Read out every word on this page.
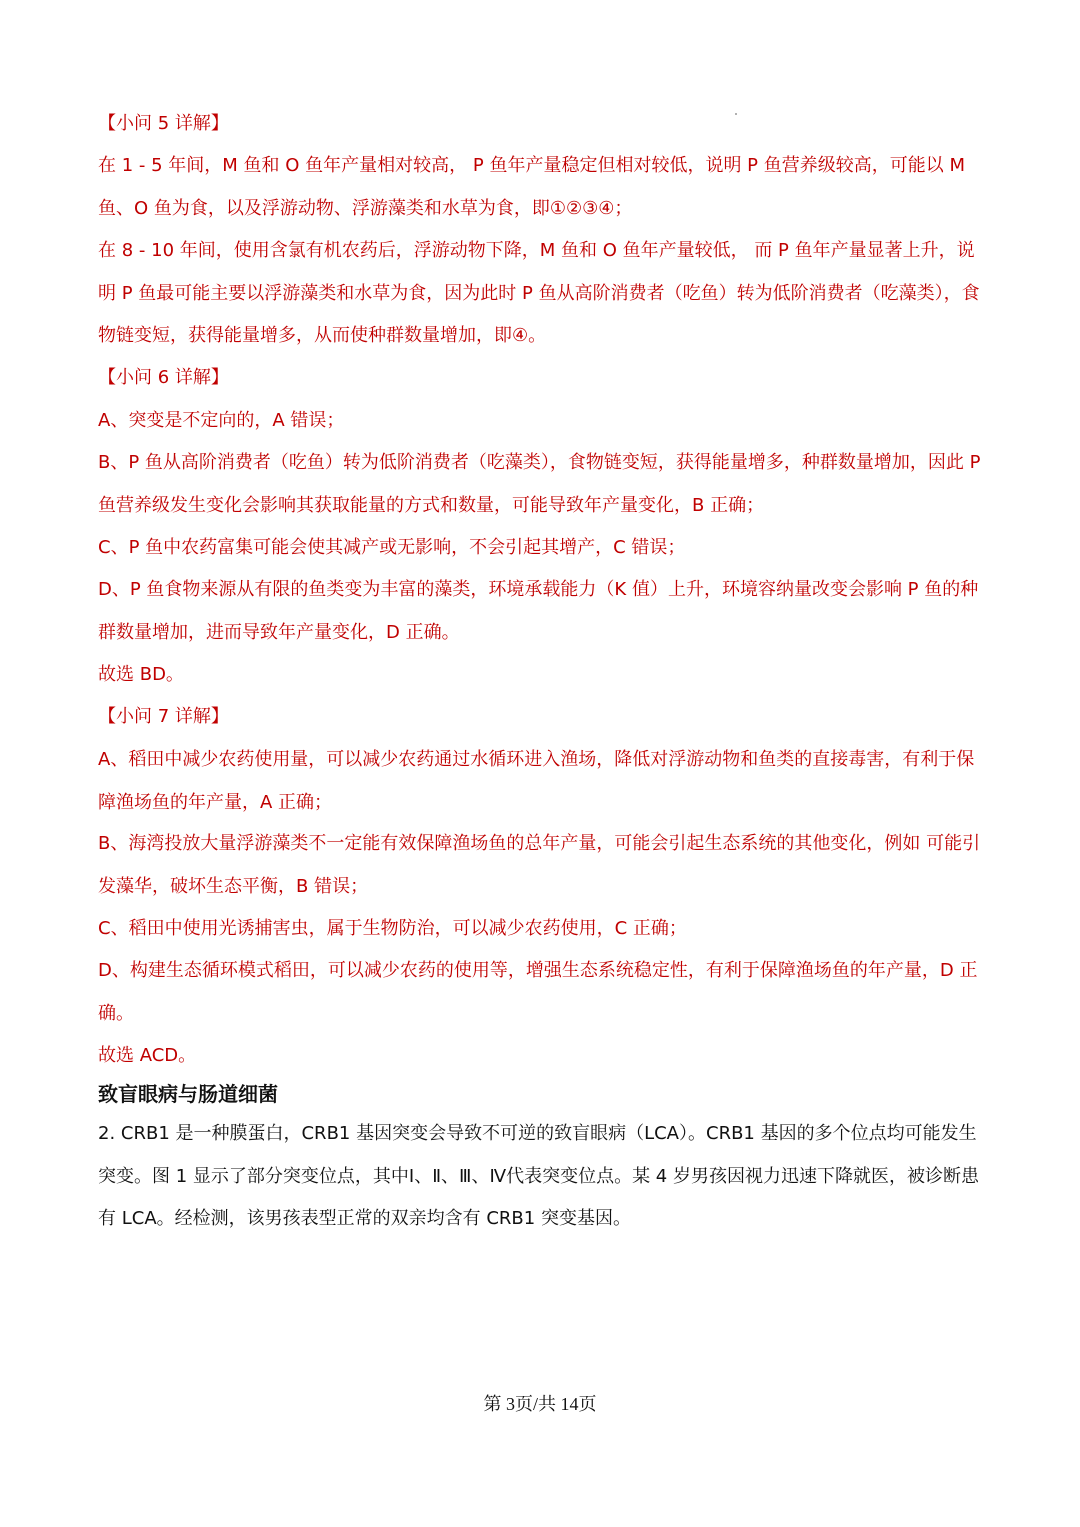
【小问 5 详解】

在 1 - 5 年间，M 鱼和 O 鱼年产量相对较高， P 鱼年产量稳定但相对较低，说明 P 鱼营养级较高，可能以 M 鱼、O 鱼为食，以及浮游动物、浮游藻类和水草为食，即①②③④；

在 8 - 10 年间，使用含氯有机农药后，浮游动物下降，M 鱼和 O 鱼年产量较低， 而 P 鱼年产量显著上升，说明 P 鱼最可能主要以浮游藻类和水草为食，因为此时 P 鱼从高阶消费者（吃鱼）转为低阶消费者（吃藻类），食物链变短，获得能量增多，从而使种群数量增加，即④。

【小问 6 详解】

A、突变是不定向的，A 错误；

B、P 鱼从高阶消费者（吃鱼）转为低阶消费者（吃藻类），食物链变短，获得能量增多，种群数量增加，因此 P 鱼营养级发生变化会影响其获取能量的方式和数量，可能导致年产量变化，B 正确；

C、P 鱼中农药富集可能会使其减产或无影响，不会引起其增产，C 错误；

D、P 鱼食物来源从有限的鱼类变为丰富的藻类，环境承载能力（K 值）上升，环境容纳量改变会影响 P 鱼的种群数量增加，进而导致年产量变化，D 正确。

故选 BD。

【小问 7 详解】

A、稻田中减少农药使用量，可以减少农药通过水循环进入渔场，降低对浮游动物和鱼类的直接毒害，有利于保障渔场鱼的年产量，A 正确；

B、海湾投放大量浮游藻类不一定能有效保障渔场鱼的总年产量，可能会引起生态系统的其他变化，例如 可能引发藻华，破坏生态平衡，B 错误；

C、稻田中使用光诱捕害虫，属于生物防治，可以减少农药使用，C 正确；

D、构建生态循环模式稻田，可以减少农药的使用等，增强生态系统稳定性，有利于保障渔场鱼的年产量，D 正确。

故选 ACD。

致盲眼病与肠道细菌

2. CRB1 是一种膜蛋白，CRB1 基因突变会导致不可逆的致盲眼病（LCA）。CRB1 基因的多个位点均可能发生突变。图 1 显示了部分突变位点，其中Ⅰ、Ⅱ、Ⅲ、Ⅳ代表突变位点。某 4 岁男孩因视力迅速下降就医，被诊断患有 LCA。经检测，该男孩表型正常的双亲均含有 CRB1 突变基因。

第 3页/共 14页
